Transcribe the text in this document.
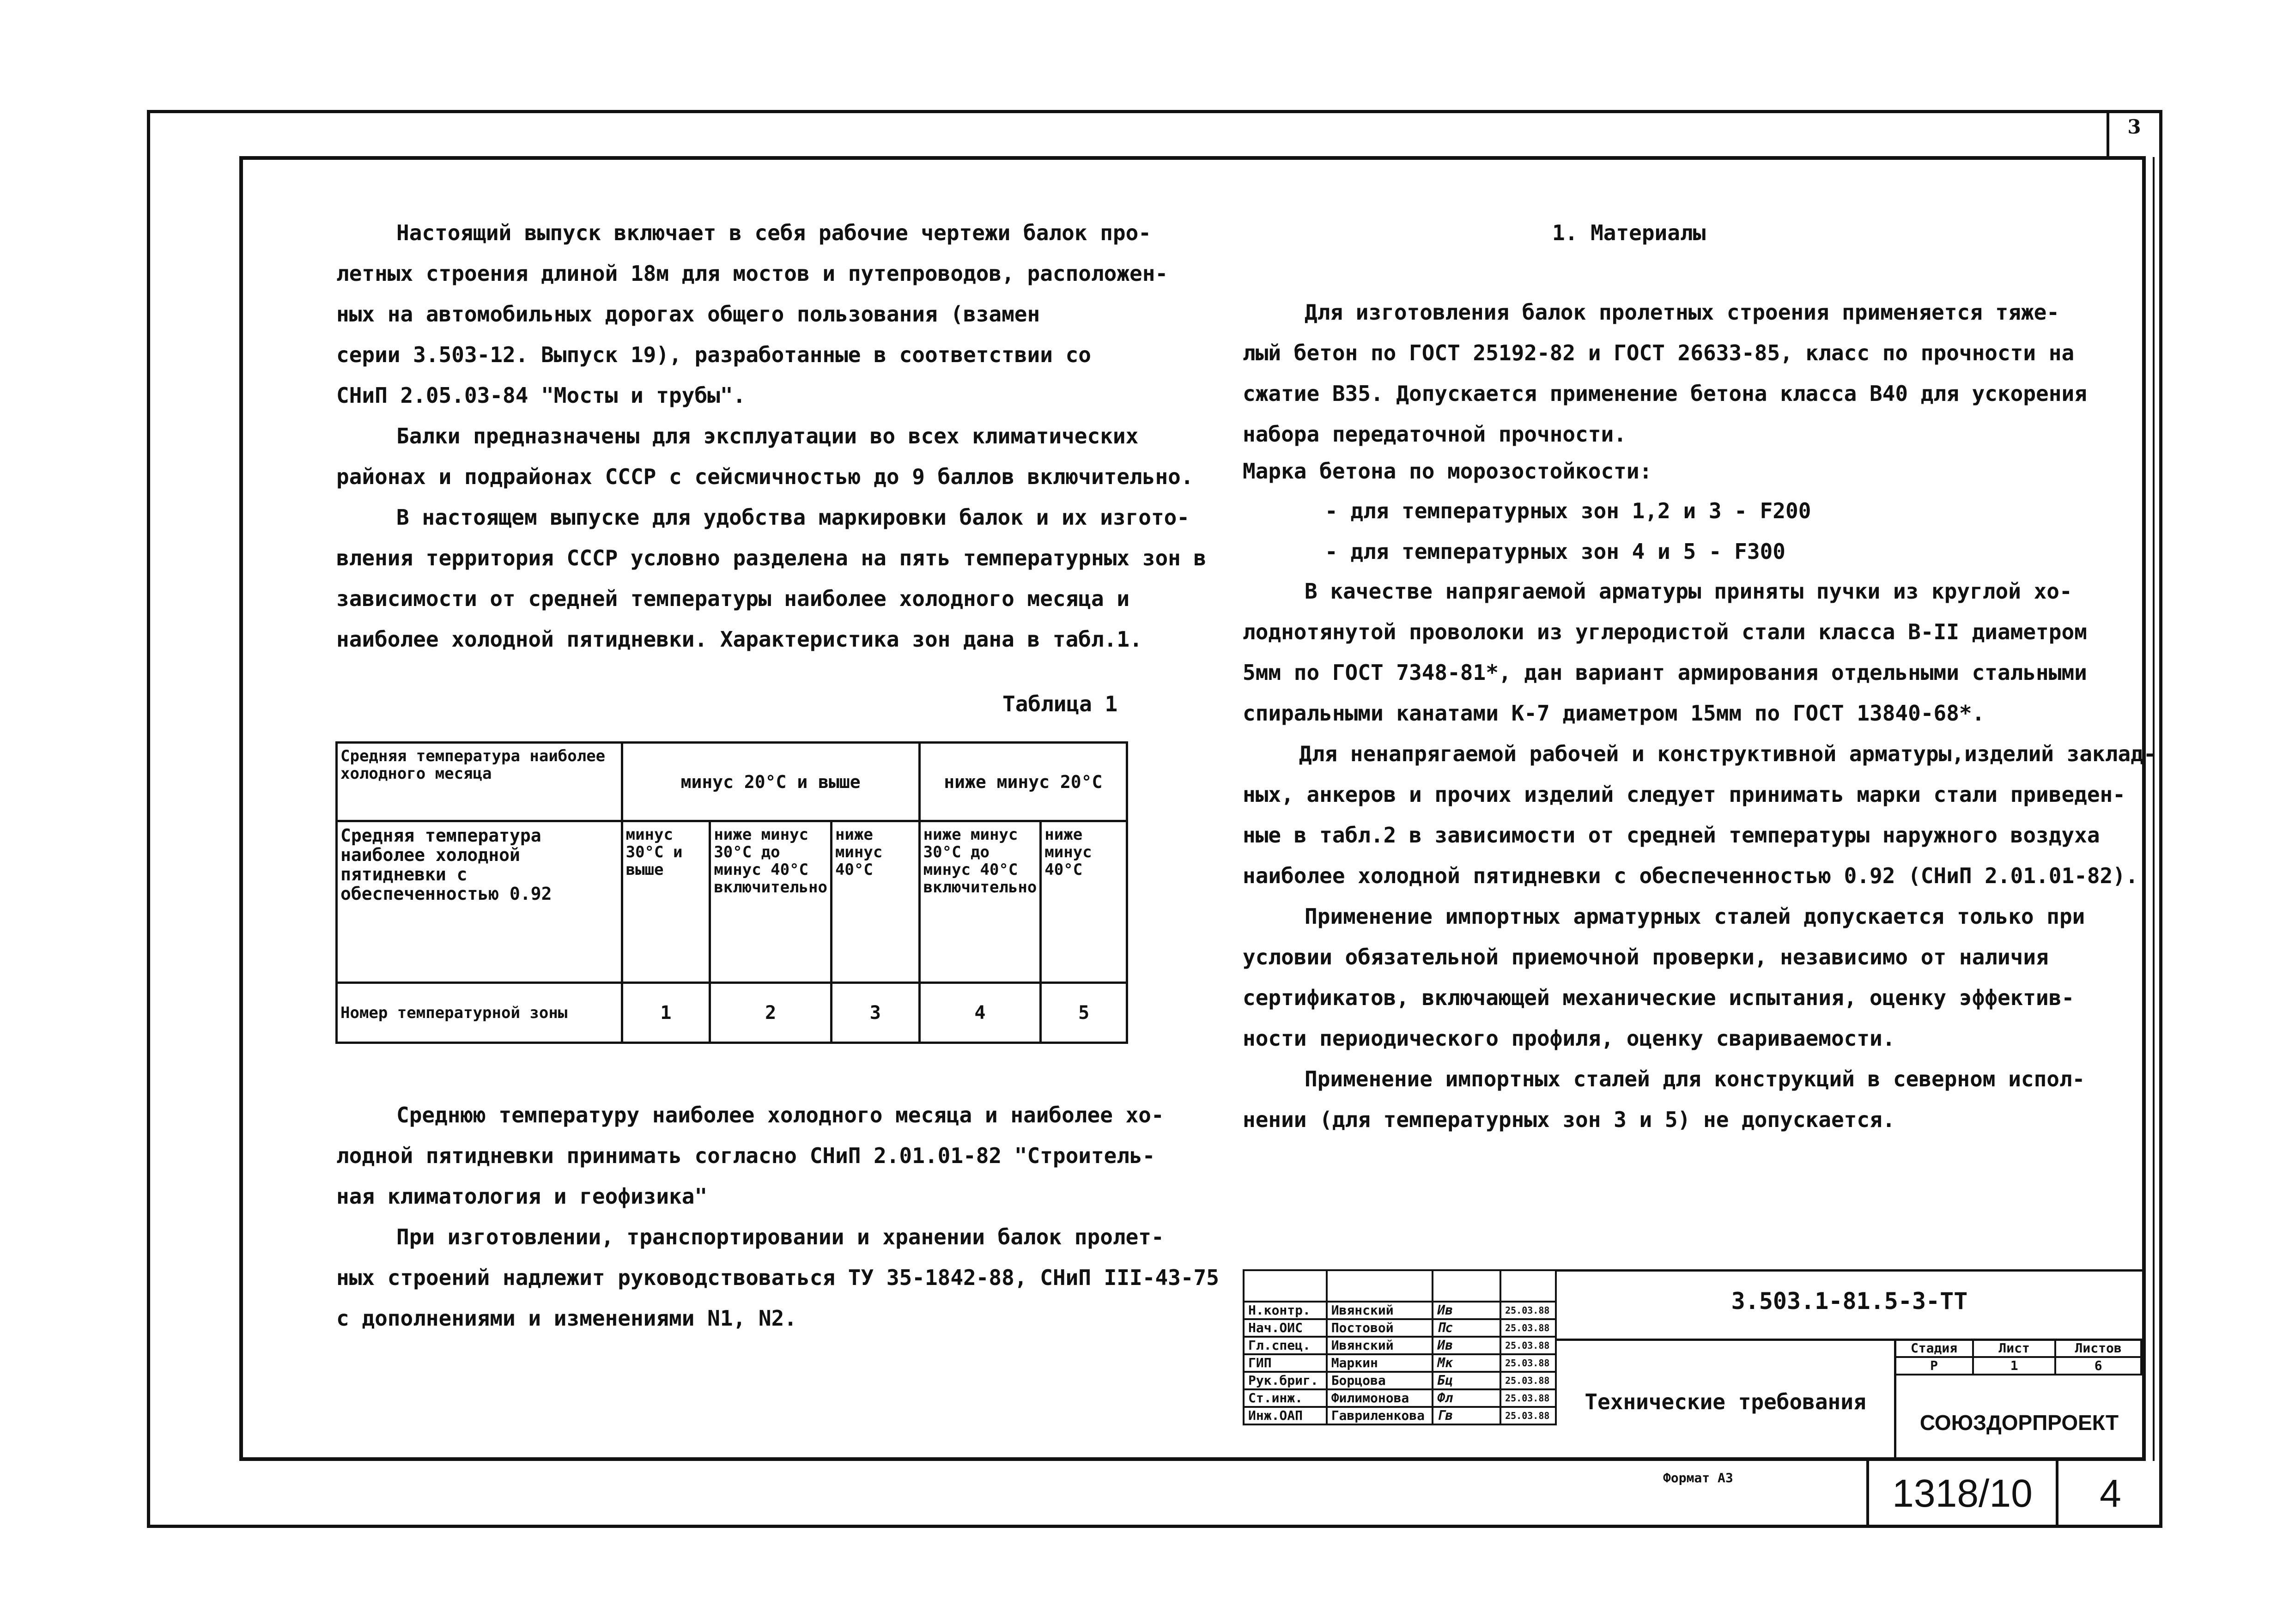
3
Настоящий выпуск включает в себя рабочие чертежи балок про-
летных строения длиной 18м для мостов и путепроводов, расположен-
ных на автомобильных дорогах общего пользования (взамен
серии 3.503-12. Выпуск 19), разработанные в соответствии со
СНиП 2.05.03-84 "Мосты и трубы".
Балки предназначены для эксплуатации во всех климатических
районах и подрайонах СССР с сейсмичностью до 9 баллов включительно.
В настоящем выпуске для удобства маркировки балок и их изгото-
вления территория СССР условно разделена на пять температурных зон в
зависимости от средней температуры наиболее холодного месяца и
наиболее холодной пятидневки. Характеристика зон дана в табл.1.
Таблица 1
Средняя температура наиболее холодного месяца	минус 20°С и выше			ниже минус 20°С	
Средняя температура наиболее холодной пятидневки с обеспеченностью 0.92	минус 30°С и выше	ниже минус 30°С до минус 40°С включительно	ниже минус 40°С	ниже минус 30°С до минус 40°С включительно	ниже минус 40°С
Номер температурной зоны	1	2	3	4	5
Среднюю температуру наиболее холодного месяца и наиболее хо-
лодной пятидневки принимать согласно СНиП 2.01.01-82 "Строитель-
ная климатология и геофизика"
При изготовлении, транспортировании и хранении балок пролет-
ных строений надлежит руководствоваться ТУ 35-1842-88, СНиП III-43-75
с дополнениями и изменениями N1, N2.
1. Материалы
Для изготовления балок пролетных строения применяется тяже-
лый бетон по ГОСТ 25192-82 и ГОСТ 26633-85, класс по прочности на
сжатие В35. Допускается применение бетона класса В40 для ускорения
набора передаточной прочности.
Марка бетона по морозостойкости:
- для температурных зон 1,2 и 3 - F200
- для температурных зон 4 и 5 - F300
В качестве напрягаемой арматуры приняты пучки из круглой хо-
лоднотянутой проволоки из углеродистой стали класса В-II диаметром
5мм по ГОСТ 7348-81*, дан вариант армирования отдельными стальными
спиральными канатами К-7 диаметром 15мм по ГОСТ 13840-68*.
Для ненапрягаемой рабочей и конструктивной арматуры,изделий заклад-
ных, анкеров и прочих изделий следует принимать марки стали приведен-
ные в табл.2 в зависимости от средней температуры наружного воздуха
наиболее холодной пятидневки с обеспеченностью 0.92 (СНиП 2.01.01-82).
Применение импортных арматурных сталей допускается только при
условии обязательной приемочной проверки, независимо от наличия
сертификатов, включающей механические испытания, оценку эффектив-
ности периодического профиля, оценку свариваемости.
Применение импортных сталей для конструкций в северном испол-
нении (для температурных зон 3 и 5) не допускается.

Н.контр.	Ивянский	Ив	25.03.88
Нач.ОИС	Постовой	Пс	25.03.88
Гл.спец.	Ивянский	Ив	25.03.88
ГИП	Маркин	Мк	25.03.88
Рук.бриг.	Борцова	Бц	25.03.88
Ст.инж.	Филимонова	Фл	25.03.88
Инж.ОАП	Гавриленкова	Гв	25.03.88
3.503.1-81.5-3-ТТ
Технические требования
Стадия	Лист	Листов
Р	1	6
СОЮЗДОРПРОЕКТ
Формат А3	1318/10	4
